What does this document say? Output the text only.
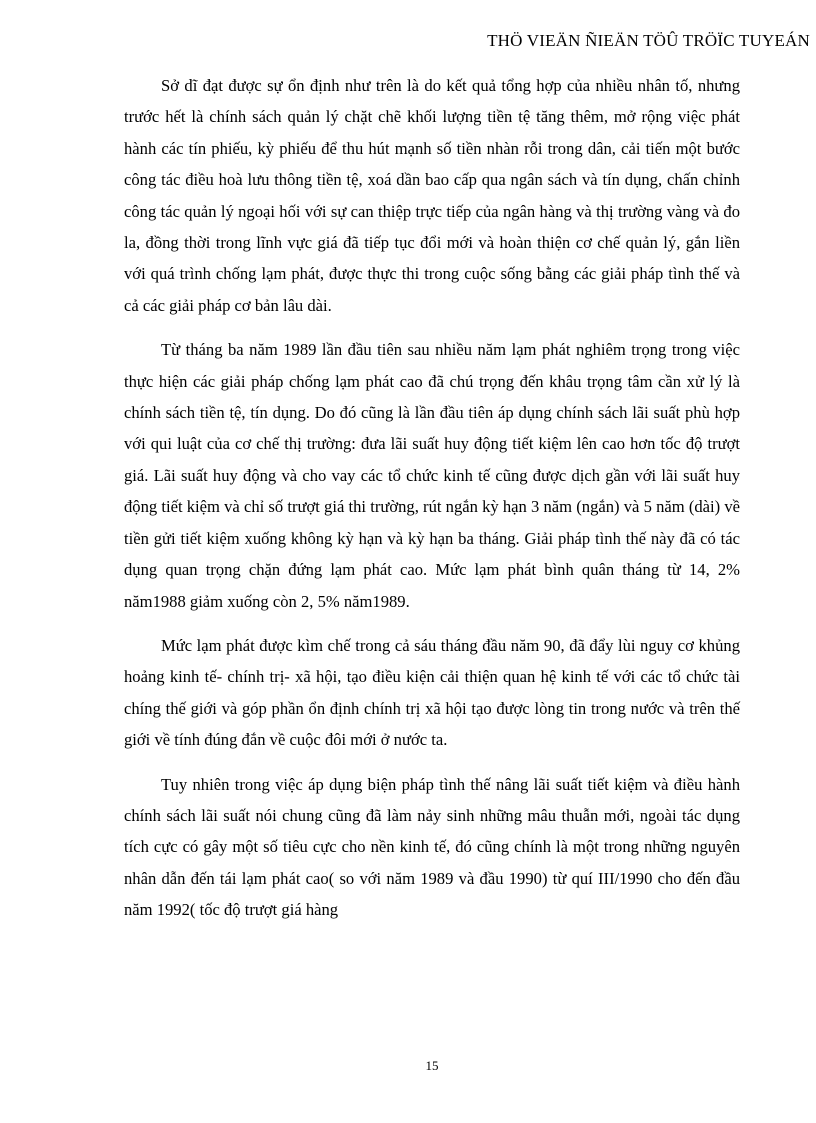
THÖ VIEÄN ÑIEÄN TÖÛ TRÖÏC TUYEÁN

Sở dĩ đạt được sự ổn định như trên là do kết quả tổng hợp của nhiều nhân tố, nhưng trước hết là chính sách quản lý chặt chẽ khối lượng tiền tệ tăng thêm, mở rộng việc phát hành các tín phiếu, kỳ phiếu để thu hút mạnh số tiền nhàn rỗi trong dân, cải tiến một bước công tác điều hoà lưu thông tiền tệ, xoá dần bao cấp qua ngân sách và tín dụng, chấn chỉnh công tác quản lý ngoại hối với sự can thiệp trực tiếp của ngân hàng và thị trường vàng và đo la, đồng thời trong lĩnh vực giá đã tiếp tục đổi mới và hoàn thiện cơ chế quản lý, gắn liền với quá trình chống lạm phát, được thực thi trong cuộc sống bằng các giải pháp tình thế và cả các giải pháp cơ bản lâu dài.

Từ tháng ba năm 1989 lần đầu tiên sau nhiều năm lạm phát nghiêm trọng trong việc thực hiện các giải pháp chống lạm phát cao đã chú trọng đến khâu trọng tâm cần xử lý là chính sách tiền tệ, tín dụng. Do đó cũng là lần đầu tiên áp dụng chính sách lãi suất phù hợp với qui luật của cơ chế thị trường: đưa lãi suất huy động tiết kiệm lên cao hơn tốc độ trượt giá. Lãi suất huy động và cho vay các tổ chức kinh tế cũng được dịch gần với lãi suất huy động tiết kiệm và chỉ số trượt giá thi trường, rút ngắn kỳ hạn 3 năm (ngắn) và 5 năm (dài) về tiền gửi tiết kiệm xuống không kỳ hạn và kỳ hạn ba tháng. Giải pháp tình thế này đã có tác dụng quan trọng chặn đứng lạm phát cao. Mức lạm phát bình quân tháng từ 14, 2% năm1988 giảm xuống còn 2, 5% năm1989.

Mức lạm phát được kìm chế trong cả sáu tháng đầu năm 90, đã đẩy lùi nguy cơ khủng hoảng kinh tế- chính trị- xã hội, tạo điều kiện cải thiện quan hệ kinh tế với các tổ chức tài chíng thế giới và góp phần ổn định chính trị xã hội tạo được lòng tin trong nước và trên thế giới về tính đúng đắn về cuộc đôi mới ở nước ta.

Tuy nhiên trong việc áp dụng biện pháp tình thế nâng lãi suất tiết kiệm và điều hành chính sách lãi suất nói chung cũng đã làm nảy sinh những mâu thuẫn mới, ngoài tác dụng tích cực có gây một số tiêu cực cho nền kinh tế, đó cũng chính là một trong những nguyên nhân dẫn đến tái lạm phát cao( so với năm 1989 và đầu 1990) từ quí III/1990 cho đến đầu năm 1992( tốc độ trượt giá hàng

15
